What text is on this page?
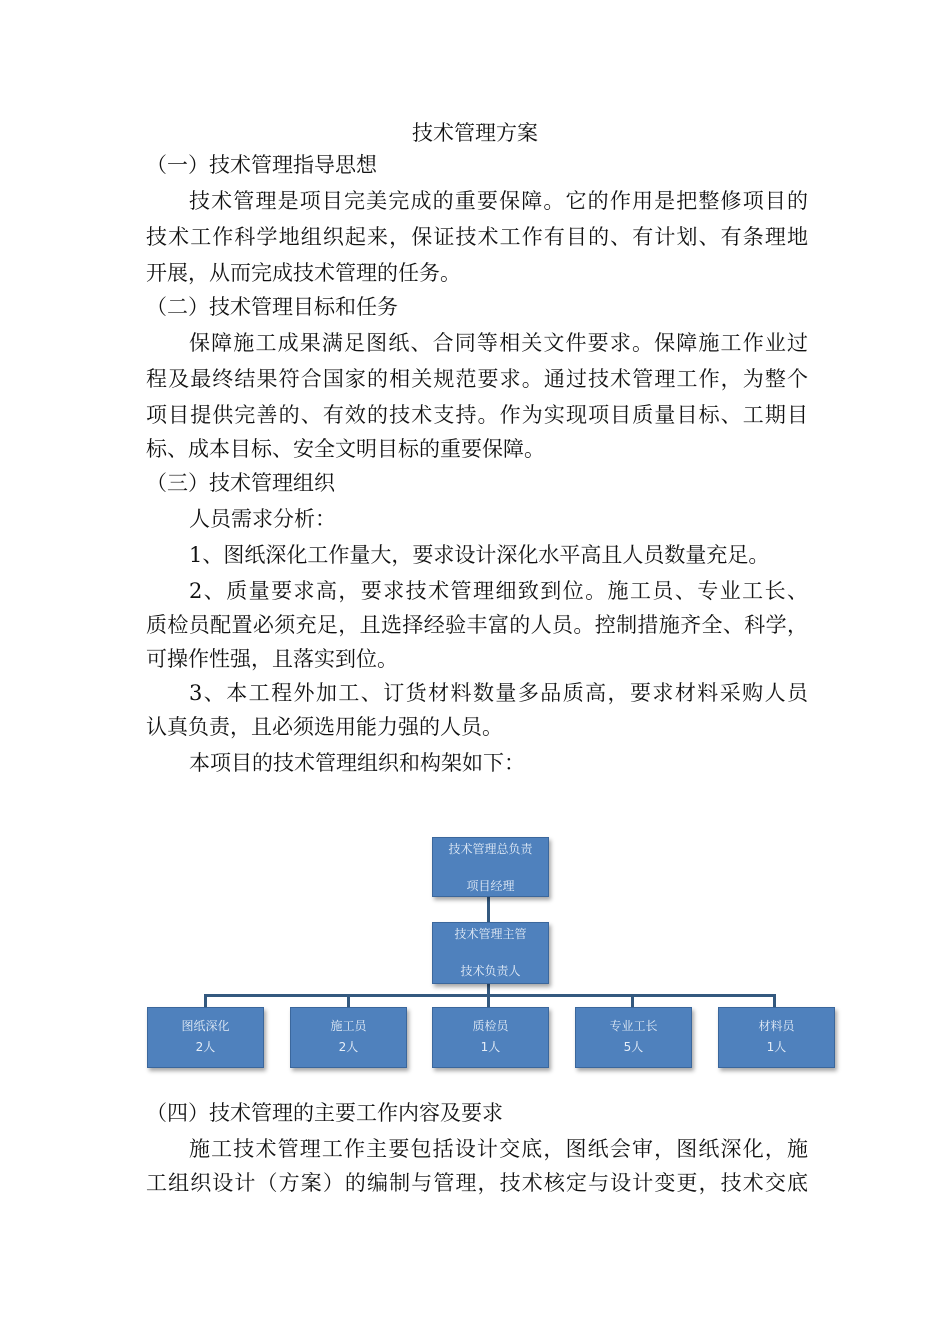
技术管理方案
（一）技术管理指导思想
技术管理是项目完美完成的重要保障。它的作用是把整修项目的
技术工作科学地组织起来，保证技术工作有目的、有计划、有条理地
开展，从而完成技术管理的任务。
（二）技术管理目标和任务
保障施工成果满足图纸、合同等相关文件要求。保障施工作业过
程及最终结果符合国家的相关规范要求。通过技术管理工作，为整个
项目提供完善的、有效的技术支持。作为实现项目质量目标、工期目
标、成本目标、安全文明目标的重要保障。
（三）技术管理组织
人员需求分析：
1、图纸深化工作量大，要求设计深化水平高且人员数量充足。
2、质量要求高，要求技术管理细致到位。施工员、专业工长、
质检员配置必须充足，且选择经验丰富的人员。控制措施齐全、科学，
可操作性强，且落实到位。
3、本工程外加工、订货材料数量多品质高，要求材料采购人员
认真负责，且必须选用能力强的人员。
本项目的技术管理组织和构架如下：
技术管理总负责
项目经理
技术管理主管
技术负责人
图纸深化
2人
施工员
2人
质检员
1人
专业工长
5人
材料员
1人
（四）技术管理的主要工作内容及要求
施工技术管理工作主要包括设计交底，图纸会审，图纸深化，施
工组织设计（方案）的编制与管理，技术核定与设计变更，技术交底
